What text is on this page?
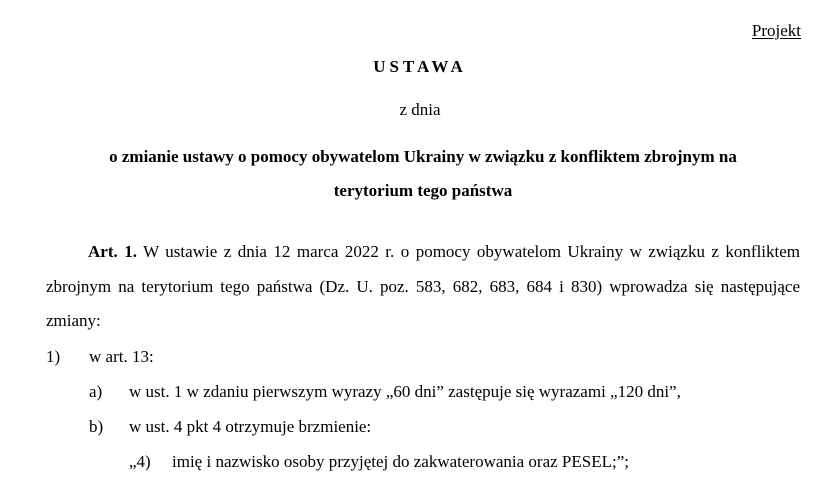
Projekt
USTAWA
z dnia
o zmianie ustawy o pomocy obywatelom Ukrainy w związku z konfliktem zbrojnym na
terytorium tego państwa
Art. 1. W ustawie z dnia 12 marca 2022 r. o pomocy obywatelom Ukrainy w związku z konfliktem zbrojnym na terytorium tego państwa (Dz. U. poz. 583, 682, 683, 684 i 830) wprowadza się następujące zmiany:
1) w art. 13:
a) w ust. 1 w zdaniu pierwszym wyrazy „60 dni” zastępuje się wyrazami „120 dni”,
b) w ust. 4 pkt 4 otrzymuje brzmienie:
„4) imię i nazwisko osoby przyjętej do zakwaterowania oraz PESEL;”;
